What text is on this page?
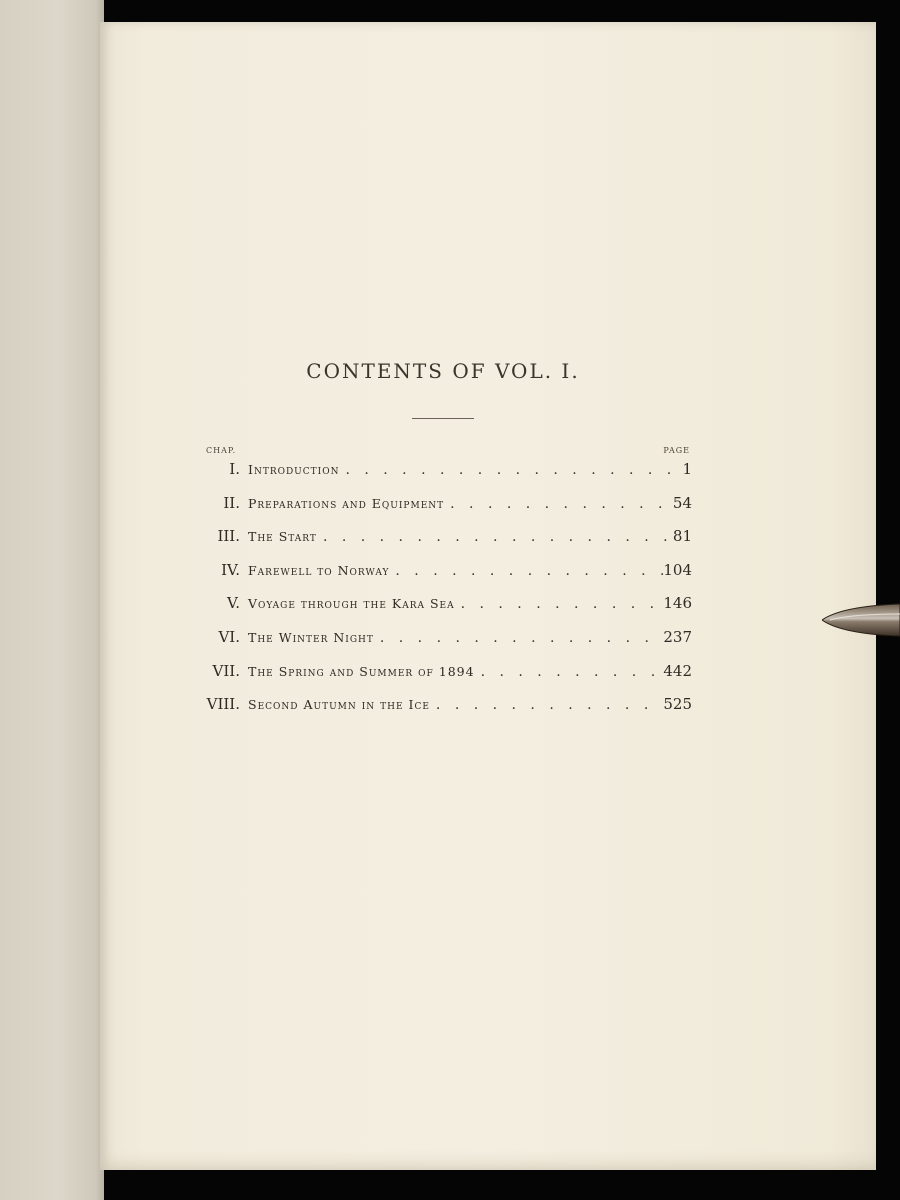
CONTENTS OF VOL. I.
CHAP.	PAGE
I. Introduction . . .	1
II. Preparations and Equipment . . .	54
III. The Start . . .	81
IV. Farewell to Norway . . .	104
V. Voyage through the Kara Sea . . .	146
VI. The Winter Night . . .	237
VII. The Spring and Summer of 1894 . . .	442
VIII. Second Autumn in the Ice . . .	525
